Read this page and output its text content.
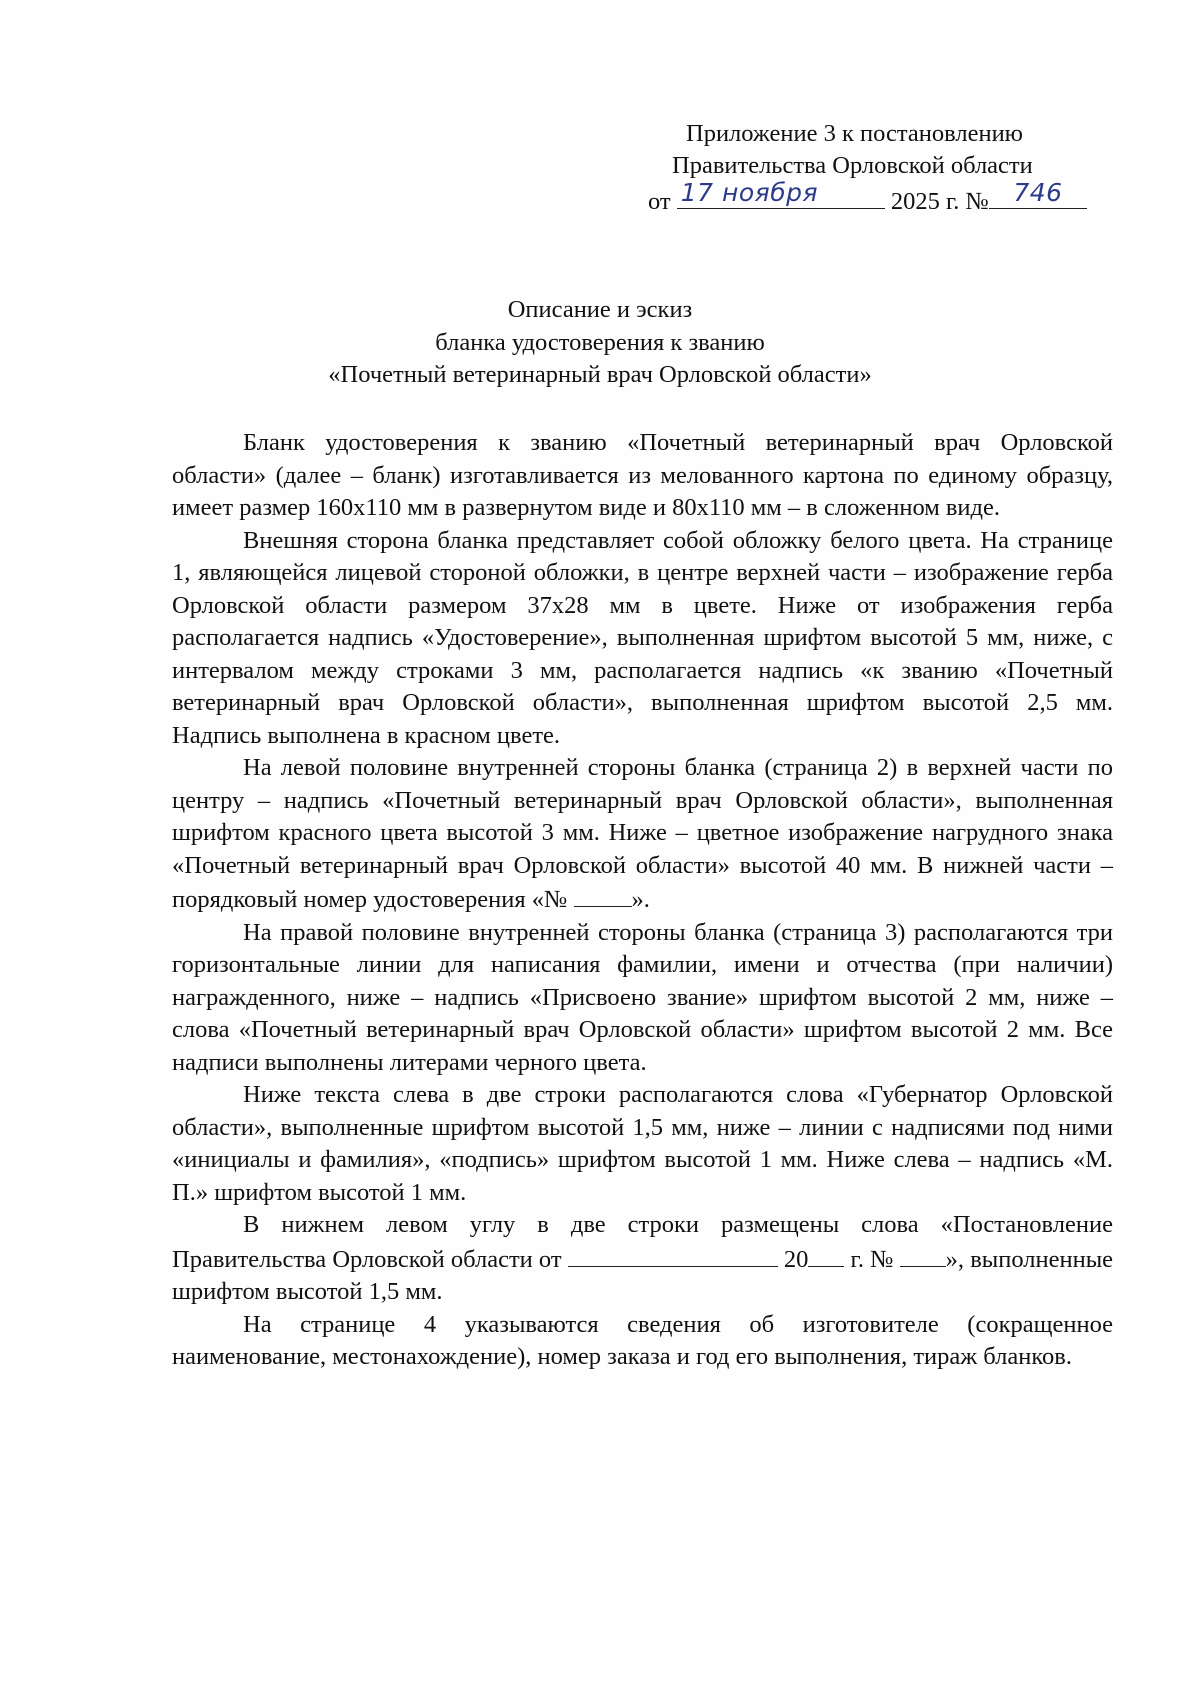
Приложение 3 к постановлению
Правительства Орловской области
от 17 ноября	2025 г. № 746
Описание и эскиз
бланка удостоверения к званию
«Почетный ветеринарный врач Орловской области»

Бланк удостоверения к званию «Почетный ветеринарный врач Орловской области» (далее – бланк) изготавливается из мелованного картона по единому образцу, имеет размер 160x110 мм в развернутом виде и 80x110 мм – в сложенном виде.

Внешняя сторона бланка представляет собой обложку белого цвета. На странице 1, являющейся лицевой стороной обложки, в центре верхней части – изображение герба Орловской области размером 37x28 мм в цвете. Ниже от изображения герба располагается надпись «Удостоверение», выполненная шрифтом высотой 5 мм, ниже, с интервалом между строками 3 мм, располагается надпись «к званию «Почетный ветеринарный врач Орловской области», выполненная шрифтом высотой 2,5 мм. Надпись выполнена в красном цвете.

На левой половине внутренней стороны бланка (страница 2) в верхней части по центру – надпись «Почетный ветеринарный врач Орловской области», выполненная шрифтом красного цвета высотой 3 мм. Ниже – цветное изображение нагрудного знака «Почетный ветеринарный врач Орловской области» высотой 40 мм. В нижней части – порядковый номер удостоверения «№	».

На правой половине внутренней стороны бланка (страница 3) располагаются три горизонтальные линии для написания фамилии, имени и отчества (при наличии) награжденного, ниже – надпись «Присвоено звание» шрифтом высотой 2 мм, ниже – слова «Почетный ветеринарный врач Орловской области» шрифтом высотой 2 мм. Все надписи выполнены литерами черного цвета.

Ниже текста слева в две строки располагаются слова «Губернатор Орловской области», выполненные шрифтом высотой 1,5 мм, ниже – линии с надписями под ними «инициалы и фамилия», «подпись» шрифтом высотой 1 мм. Ниже слева – надпись «М. П.» шрифтом высотой 1 мм.

В нижнем левом углу в две строки размещены слова «Постановление Правительства Орловской области от	20 г. № », выполненные шрифтом высотой 1,5 мм.

На странице 4 указываются сведения об изготовителе (сокращенное наименование, местонахождение), номер заказа и год его выполнения, тираж бланков.
